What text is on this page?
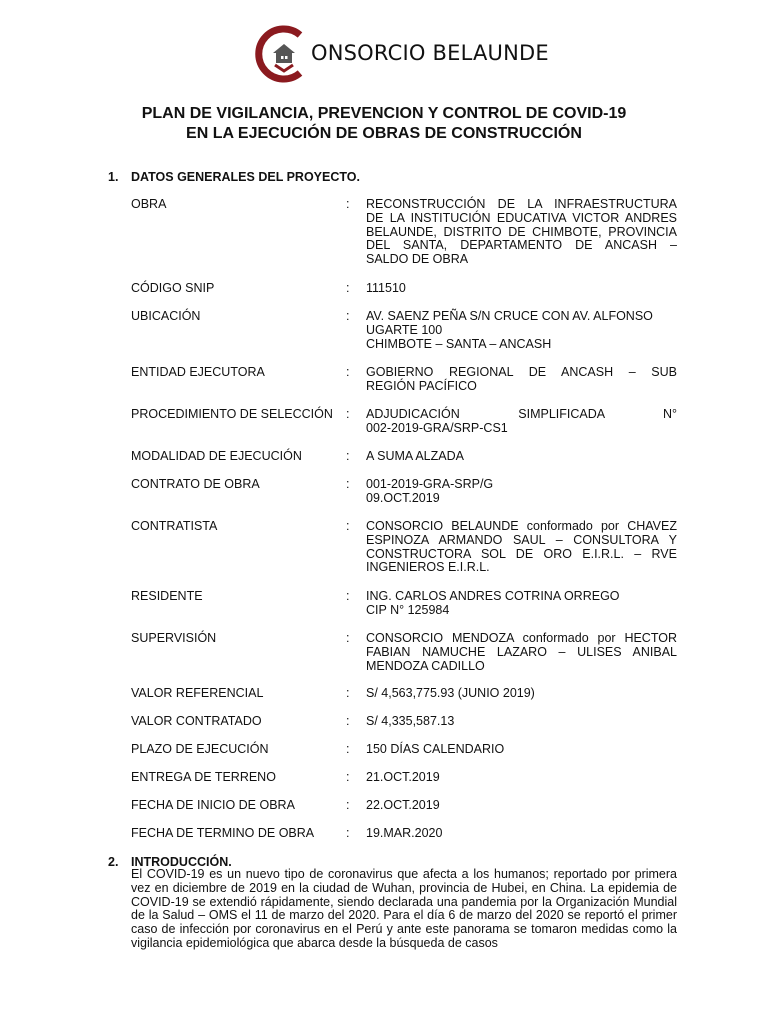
ONSORCIO BELAUNDE
PLAN DE VIGILANCIA, PREVENCION Y CONTROL DE COVID-19
EN LA EJECUCIÓN DE OBRAS DE CONSTRUCCIÓN
1. DATOS GENERALES DEL PROYECTO.
OBRA	: RECONSTRUCCIÓN DE LA INFRAESTRUCTURA
DE LA INSTITUCIÓN EDUCATIVA VICTOR ANDRES
BELAUNDE, DISTRITO DE CHIMBOTE, PROVINCIA
DEL SANTA, DEPARTAMENTO DE ANCASH –
SALDO DE OBRA
CÓDIGO SNIP	: 111510
UBICACIÓN	: AV. SAENZ PEÑA S/N CRUCE CON AV. ALFONSO
UGARTE 100
CHIMBOTE – SANTA – ANCASH
ENTIDAD EJECUTORA	: GOBIERNO REGIONAL DE ANCASH – SUB
REGIÓN PACÍFICO
PROCEDIMIENTO DE SELECCIÓN	: ADJUDICACIÓN SIMPLIFICADA N°
002-2019-GRA/SRP-CS1
MODALIDAD DE EJECUCIÓN	: A SUMA ALZADA
CONTRATO DE OBRA	: 001-2019-GRA-SRP/G
09.OCT.2019
CONTRATISTA	: CONSORCIO BELAUNDE conformado por CHAVEZ
ESPINOZA ARMANDO SAUL – CONSULTORA Y
CONSTRUCTORA SOL DE ORO E.I.R.L. – RVE
INGENIEROS E.I.R.L.
RESIDENTE	: ING. CARLOS ANDRES COTRINA ORREGO
CIP N° 125984
SUPERVISIÓN	: CONSORCIO MENDOZA conformado por HECTOR
FABIAN NAMUCHE LAZARO – ULISES ANIBAL
MENDOZA CADILLO
VALOR REFERENCIAL	: S/ 4,563,775.93 (JUNIO 2019)
VALOR CONTRATADO	: S/ 4,335,587.13
PLAZO DE EJECUCIÓN	: 150 DÍAS CALENDARIO
ENTREGA DE TERRENO	: 21.OCT.2019
FECHA DE INICIO DE OBRA	: 22.OCT.2019
FECHA DE TERMINO DE OBRA	: 19.MAR.2020
2. INTRODUCCIÓN.
El COVID-19 es un nuevo tipo de coronavirus que afecta a los humanos; reportado por primera vez en diciembre de 2019 en la ciudad de Wuhan, provincia de Hubei, en China. La epidemia de COVID-19 se extendió rápidamente, siendo declarada una pandemia por la Organización Mundial de la Salud – OMS el 11 de marzo del 2020. Para el día 6 de marzo del 2020 se reportó el primer caso de infección por coronavirus en el Perú y ante este panorama se tomaron medidas como la vigilancia epidemiológica que abarca desde la búsqueda de casos
